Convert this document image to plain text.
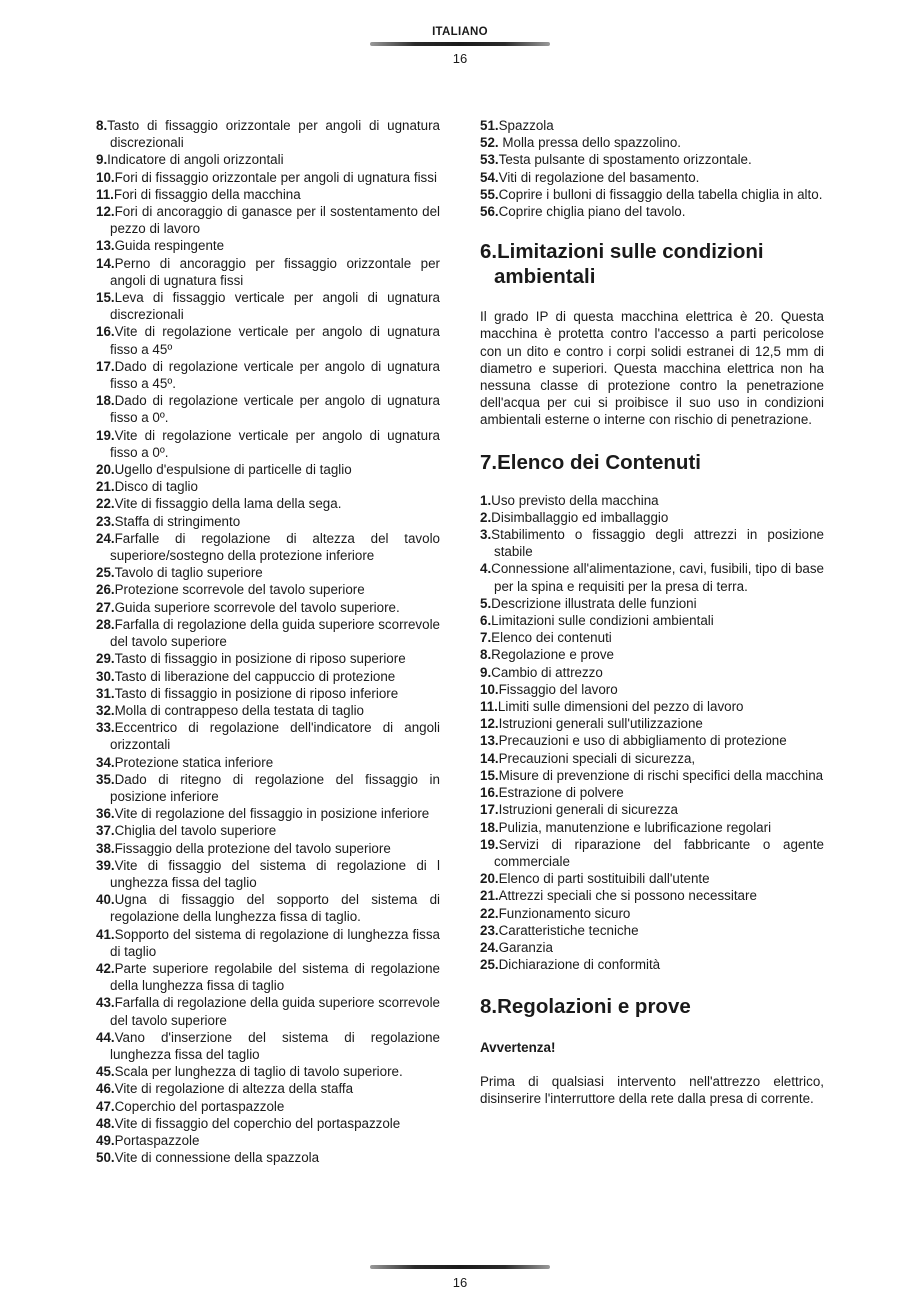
ITALIANO
16
8.Tasto di fissaggio orizzontale per angoli di ugnatura discrezionali
9.Indicatore di angoli orizzontali
10.Fori di fissaggio orizzontale per angoli di ugnatura fissi
11.Fori di fissaggio della macchina
12.Fori di ancoraggio di ganasce per il sostentamento del pezzo di lavoro
13.Guida respingente
14.Perno di ancoraggio per fissaggio orizzontale per angoli di ugnatura fissi
15.Leva di fissaggio verticale per angoli di ugnatura discrezionali
16.Vite di regolazione verticale per angolo di ugnatura fisso a 45º
17.Dado di regolazione verticale per angolo di ugnatura fisso a 45º.
18.Dado di regolazione verticale per angolo di ugnatura fisso a 0º.
19.Vite di regolazione verticale per angolo di ugnatura fisso a 0º.
20.Ugello d'espulsione di particelle di taglio
21.Disco di taglio
22.Vite di fissaggio della lama della sega.
23.Staffa di stringimento
24.Farfalle di regolazione di altezza del tavolo superiore/sostegno della protezione inferiore
25.Tavolo di taglio superiore
26.Protezione scorrevole del tavolo superiore
27.Guida superiore scorrevole del tavolo superiore.
28.Farfalla di regolazione della guida superiore scorrevole del tavolo superiore
29.Tasto di fissaggio in posizione di riposo superiore
30.Tasto di liberazione del cappuccio di protezione
31.Tasto di fissaggio in posizione di riposo inferiore
32.Molla di contrappeso della testata di taglio
33.Eccentrico di regolazione dell'indicatore di angoli orizzontali
34.Protezione statica inferiore
35.Dado di ritegno di regolazione del fissaggio in posizione inferiore
36.Vite di regolazione del fissaggio in posizione inferiore
37.Chiglia del tavolo superiore
38.Fissaggio della protezione del tavolo superiore
39.Vite di fissaggio del sistema di regolazione di l unghezza fissa del taglio
40.Ugna di fissaggio del sopporto del sistema di regolazione della lunghezza fissa di taglio.
41.Sopporto del sistema di regolazione di lunghezza fissa di taglio
42.Parte superiore regolabile del sistema di regolazione della lunghezza fissa di taglio
43.Farfalla di regolazione della guida superiore scorrevole del tavolo superiore
44.Vano d'inserzione del sistema di regolazione lunghezza fissa del taglio
45.Scala per lunghezza di taglio di tavolo superiore.
46.Vite di regolazione di altezza della staffa
47.Coperchio del portaspazzole
48.Vite di fissaggio del coperchio del portaspazzole
49.Portaspazzole
50.Vite di connessione della spazzola
51.Spazzola
52. Molla pressa dello spazzolino.
53.Testa pulsante di spostamento orizzontale.
54.Viti di regolazione del basamento.
55.Coprire i bulloni di fissaggio della tabella chiglia in alto.
56.Coprire chiglia piano del tavolo.
6.Limitazioni sulle condizioni ambientali

Il grado IP di questa macchina elettrica è 20. Questa macchina è protetta contro l'accesso a parti pericolose con un dito e contro i corpi solidi estranei di 12,5 mm di diametro e superiori. Questa macchina elettrica non ha nessuna classe di protezione contro la penetrazione dell'acqua per cui si proibisce il suo uso in condizioni ambientali esterne o interne con rischio di penetrazione.

7.Elenco dei Contenuti
1.Uso previsto della macchina
2.Disimballaggio ed imballaggio
3.Stabilimento o fissaggio degli attrezzi in posizione stabile
4.Connessione all'alimentazione, cavi, fusibili, tipo di base per la spina e requisiti per la presa di terra.
5.Descrizione illustrata delle funzioni
6.Limitazioni sulle condizioni ambientali
7.Elenco dei contenuti
8.Regolazione e prove
9.Cambio di attrezzo
10.Fissaggio del lavoro
11.Limiti sulle dimensioni del pezzo di lavoro
12.Istruzioni generali sull'utilizzazione
13.Precauzioni e uso di abbigliamento di protezione
14.Precauzioni speciali di sicurezza,
15.Misure di prevenzione di rischi specifici della macchina
16.Estrazione di polvere
17.Istruzioni generali di sicurezza
18.Pulizia, manutenzione e lubrificazione regolari
19.Servizi di riparazione del fabbricante o agente commerciale
20.Elenco di parti sostituibili dall'utente
21.Attrezzi speciali che si possono necessitare
22.Funzionamento sicuro
23.Caratteristiche tecniche
24.Garanzia
25.Dichiarazione di conformità
8.Regolazioni e prove

Avvertenza!

Prima di qualsiasi intervento nell'attrezzo elettrico, disinserire l'interruttore della rete dalla presa di corrente.

16
